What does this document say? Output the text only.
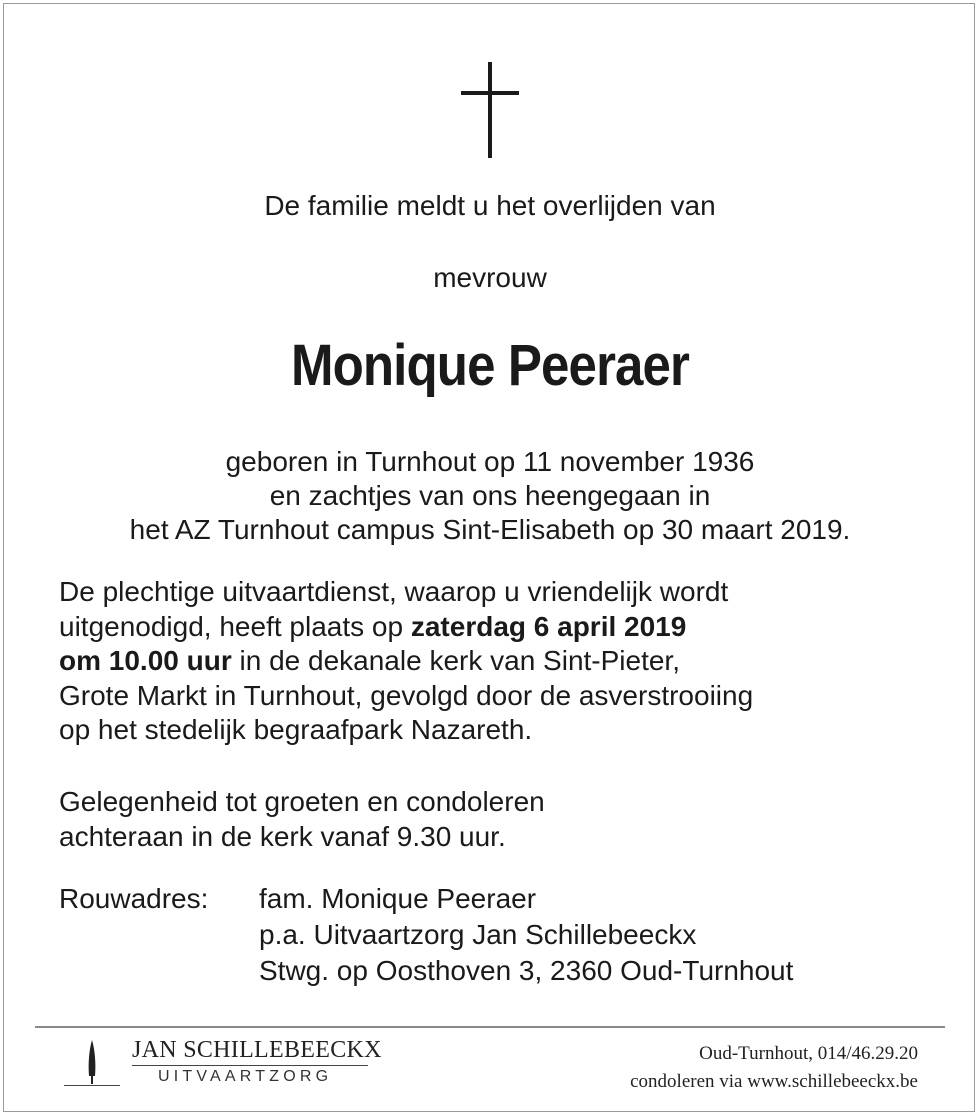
De familie meldt u het overlijden van
mevrouw
Monique Peeraer
geboren in Turnhout op 11 november 1936
en zachtjes van ons heengegaan in
het AZ Turnhout campus Sint-Elisabeth op 30 maart 2019.
De plechtige uitvaartdienst, waarop u vriendelijk wordt
uitgenodigd, heeft plaats op zaterdag 6 april 2019
om 10.00 uur in de dekanale kerk van Sint-Pieter,
Grote Markt in Turnhout, gevolgd door de asverstrooiing
op het stedelijk begraafpark Nazareth.
Gelegenheid tot groeten en condoleren
achteraan in de kerk vanaf 9.30 uur.
Rouwadres: fam. Monique Peeraer
p.a. Uitvaartzorg Jan Schillebeeckx
Stwg. op Oosthoven 3, 2360 Oud-Turnhout
JAN SCHILLEBEECKX
UITVAARTZORG
Oud-Turnhout, 014/46.29.20
condoleren via www.schillebeeckx.be
